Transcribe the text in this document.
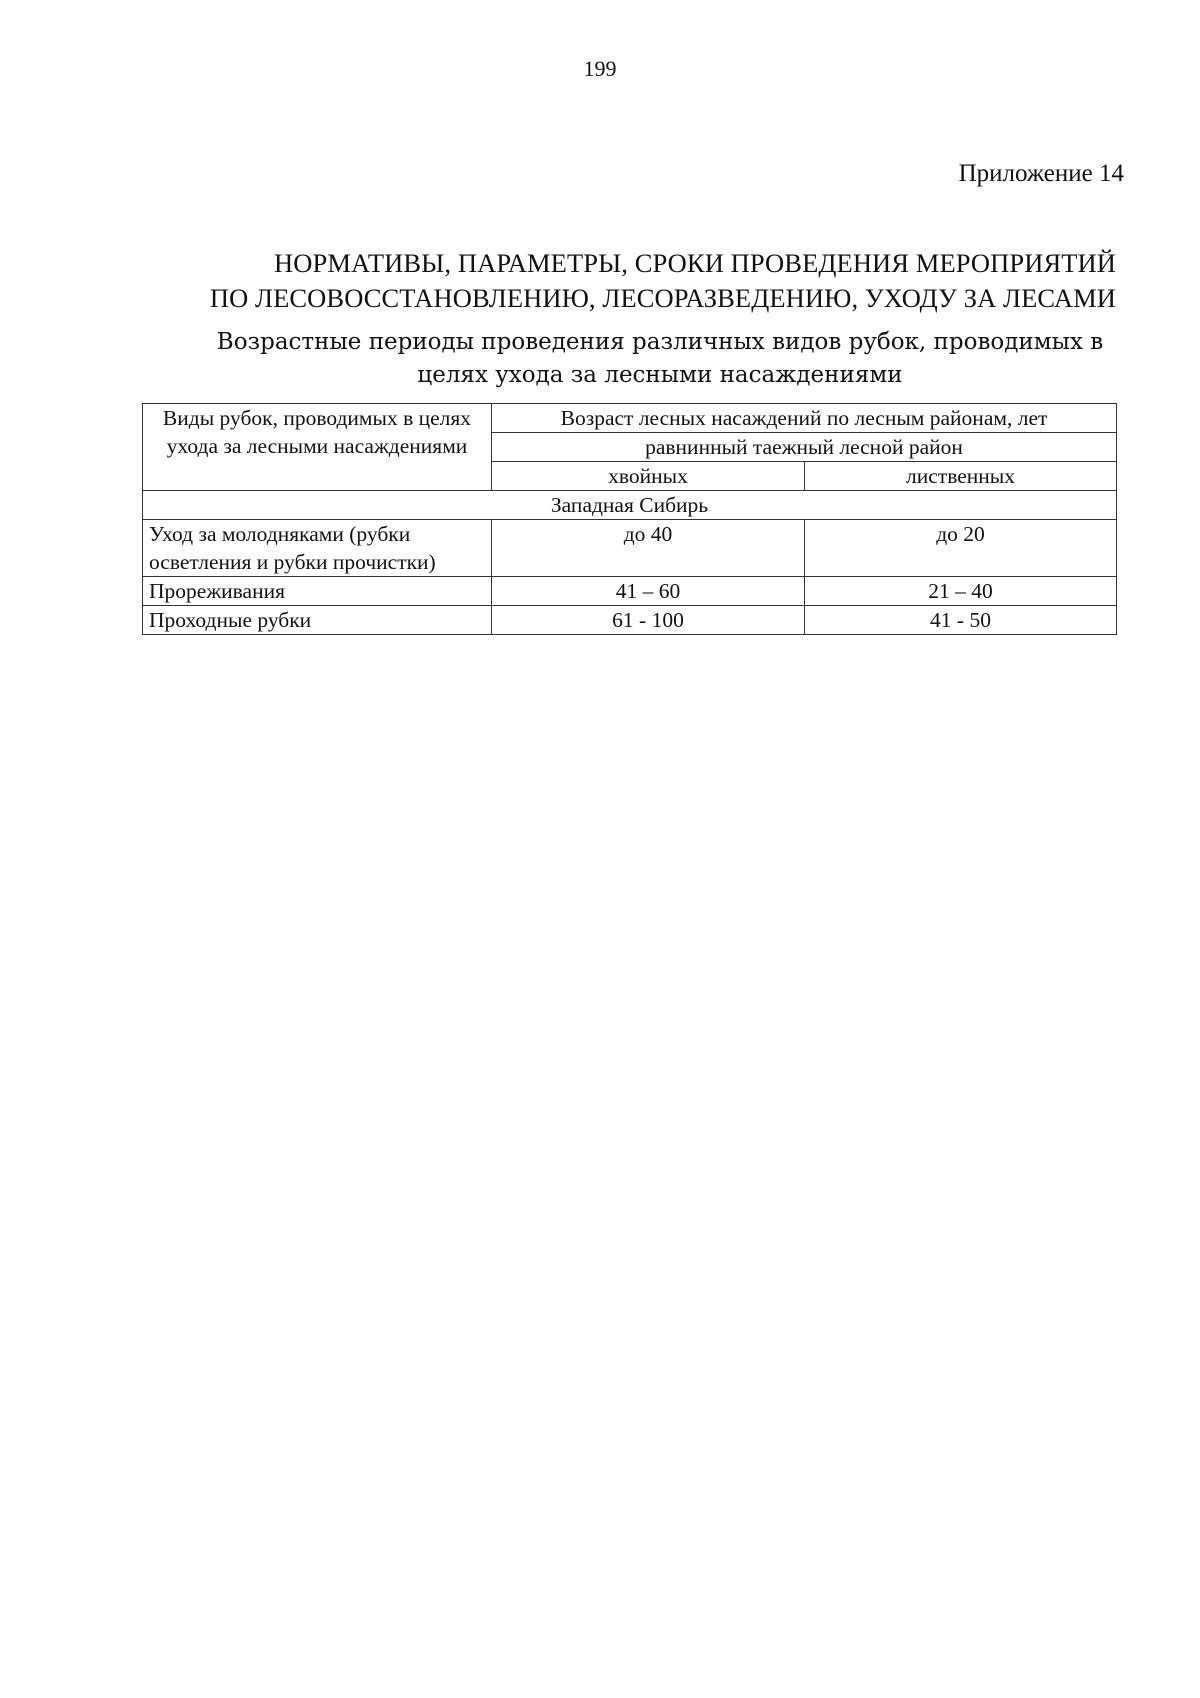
199
Приложение 14
НОРМАТИВЫ, ПАРАМЕТРЫ, СРОКИ ПРОВЕДЕНИЯ МЕРОПРИЯТИЙ
ПО ЛЕСОВОССТАНОВЛЕНИЮ, ЛЕСОРАЗВЕДЕНИЮ, УХОДУ ЗА ЛЕСАМИ
Возрастные периоды проведения различных видов рубок, проводимых в
целях ухода за лесными насаждениями
Виды рубок, проводимых в целях ухода за лесными насаждениями	Возраст лесных насаждений по лесным районам, лет	
	равнинный таежный лесной район	
	хвойных	лиственных
Западная Сибирь		
Уход за молодняками (рубки осветления и рубки прочистки)	до 40	до 20
Прореживания	41 – 60	21 – 40
Проходные рубки	61 - 100	41 - 50
